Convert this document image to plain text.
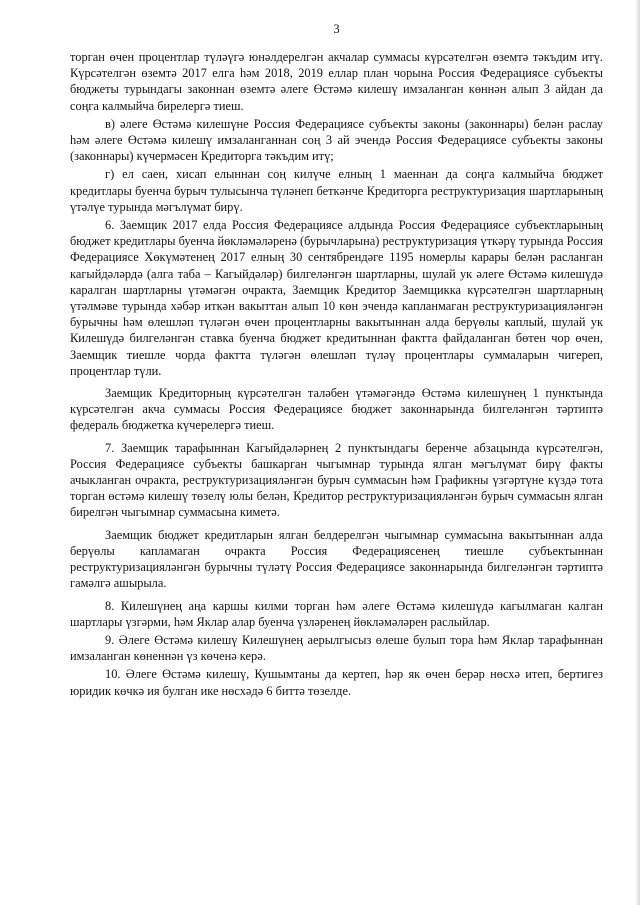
3

торган өчен процентлар түләүгә юнәлдерелгән акчалар суммасы күрсәтелгән өземтә тәкъдим итү. Күрсәтелгән өземтә 2017 елга һәм 2018, 2019 еллар план чорына Россия Федерациясе субъекты бюджеты турындагы законнан өземтә әлеге Өстәмә килешү имзаланган көннән алып 3 айдан да соңга калмыйча бирелергә тиеш.

в) әлеге Өстәмә килешүне Россия Федерациясе субъекты законы (законнары) белән раслау һәм әлеге Өстәмә килешү имзаланганнан соң 3 ай эчендә Россия Федерациясе субъекты законы (законнары) күчермәсен Кредиторга тәкъдим итү;

г) ел саен, хисап елыннан соң килүче елның 1 маеннан да соңга калмыйча бюджет кредитлары буенча бурыч тулысынча түләнеп беткәнче Кредиторга реструктуризация шартларының үтәлүе турында мәгълүмат бирү.

6. Заемщик 2017 елда Россия Федерациясе алдында Россия Федерациясе субъектларының бюджет кредитлары буенча йөкләмәләренә (бурычларына) реструктуризация үткәрү турында Россия Федерациясе Хөкүмәтенең 2017 елның 30 сентябрендәге 1195 номерлы карары белән расланган кагыйдәләрдә (алга таба – Кагыйдәләр) билгеләнгән шартларны, шулай ук әлеге Өстәмә килешүдә каралган шартларны үтәмәгән очракта, Заемщик Кредитор Заемщикка күрсәтелгән шартларның үтәлмәве турында хәбәр иткән вакыттан алып 10 көн эчендә капланмаган реструктуризацияләнгән бурычны һәм өлешләп түләгән өчен процентларны вакытыннан алда берүөлы каплый, шулай ук Килешүдә билгеләнгән ставка буенча бюджет кредитыннан фактта файдаланган бөтен чор өчен, Заемщик тиешле чорда фактта түләгән өлешләп түләү процентлары суммаларын чигереп, процентлар түли.

Заемщик Кредиторның күрсәтелгән таләбен үтәмәгәндә Өстәмә килешүнең 1 пунктында күрсәтелгән акча суммасы Россия Федерациясе бюджет законнарында билгеләнгән тәртиптә федераль бюджетка күчерелергә тиеш.

7. Заемщик тарафыннан Кагыйдәләрнең 2 пунктындагы беренче абзацында күрсәтелгән, Россия Федерациясе субъекты башкарган чыгымнар турында ялган мәгълүмат бирү факты ачыкланган очракта, реструктуризацияләнгән бурыч суммасын һәм Графикны үзгәртүне күздә тота торган өстәмә килешү төзелү юлы белән, Кредитор реструктуризацияләнгән бурыч суммасын ялган бирелгән чыгымнар суммасына киметә.

Заемщик бюджет кредитларын ялган белдерелгән чыгымнар суммасына вакытыннан алда берүөлы капламаган очракта Россия Федерациясенең тиешле субъектыннан реструктуризацияләнгән бурычны түләтү Россия Федерациясе законнарында билгеләнгән тәртиптә гамәлгә ашырыла.

8. Килешүнең аңа каршы килми торган һәм әлеге Өстәмә килешүдә кагылмаган калган шартлары үзгәрми, һәм Яклар алар буенча үзләренең йөкләмәләрен раслыйлар.

9. Әлеге Өстәмә килешү Килешүнең аерылгысыз өлеше булып тора һәм Яклар тарафыннан имзаланган көненнән үз көченә керә.

10. Әлеге Өстәмә килешү, Кушымтаны да кертеп, һәр як өчен берәр нөсхә итеп, бертигез юридик көчкә ия булган ике нөсхәдә 6 биттә төзелде.
